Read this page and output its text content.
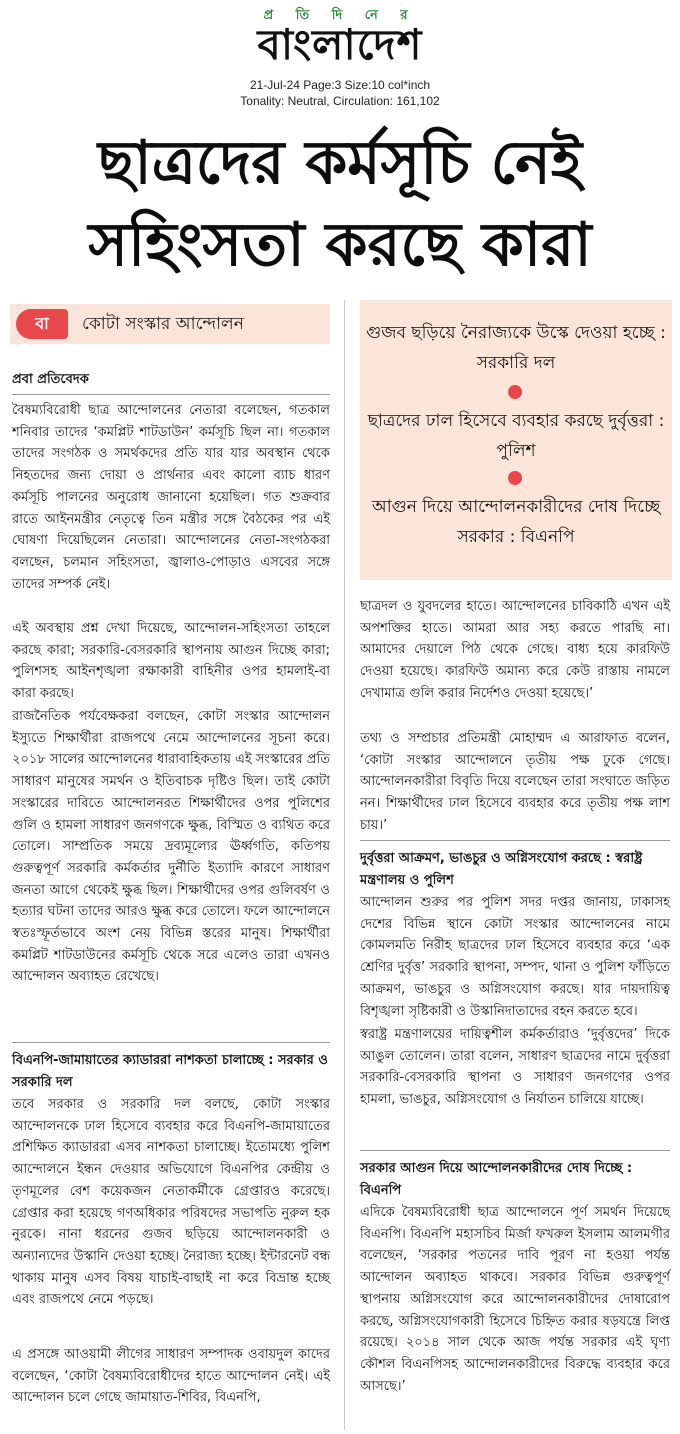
প্র তি দি নে র
বাংলাদেশ
21-Jul-24 Page:3 Size:10 col*inch
Tonality: Neutral, Circulation: 161,102
ছাত্রদের কর্মসূচি নেই
সহিংসতা করছে কারা
বা	কোটা সংস্কার আন্দোলন
প্রবা প্রতিবেদক

বৈষম্যবিরোধী ছাত্র আন্দোলনের নেতারা বলেছেন, গতকাল শনিবার তাদের ‘কমপ্লিট শাটডাউন’ কর্মসূচি ছিল না। গতকাল তাদের সংগঠক ও সমর্থকদের প্রতি যার যার অবস্থান থেকে নিহতদের জন্য দোয়া ও প্রার্থনার এবং কালো ব্যাচ ধারণ কর্মসূচি পালনের অনুরোধ জানানো হয়েছিল। গত শুক্রবার রাতে আইনমন্ত্রীর নেতৃত্বে তিন মন্ত্রীর সঙ্গে বৈঠকের পর এই ঘোষণা দিয়েছিলেন নেতারা। আন্দোলনের নেতা-সংগঠকরা বলছেন, চলমান সহিংসতা, জ্বালাও-পোড়াও এসবের সঙ্গে তাদের সম্পর্ক নেই।

এই অবস্থায় প্রশ্ন দেখা দিয়েছে, আন্দোলন-সহিংসতা তাহলে করছে কারা; সরকারি-বেসরকারি স্থাপনায় আগুন দিচ্ছে কারা; পুলিশসহ আইনশৃঙ্খলা রক্ষাকারী বাহিনীর ওপর হামলাই-বা কারা করছে।

রাজনৈতিক পর্যবেক্ষকরা বলছেন, কোটা সংস্কার আন্দোলন ইস্যুতে শিক্ষার্থীরা রাজপথে নেমে আন্দোলনের সূচনা করে। ২০১৮ সালের আন্দোলনের ধারাবাহিকতায় এই সংস্কারের প্রতি সাধারণ মানুষের সমর্থন ও ইতিবাচক দৃষ্টিও ছিল। তাই কোটা সংস্কারের দাবিতে আন্দোলনরত শিক্ষার্থীদের ওপর পুলিশের গুলি ও হামলা সাধারণ জনগণকে ক্ষুব্ধ, বিস্মিত ও ব্যথিত করে তোলে। সাম্প্রতিক সময়ে দ্রব্যমূল্যের ঊর্ধ্বগতি, কতিপয় গুরুত্বপূর্ণ সরকারি কর্মকর্তার দুর্নীতি ইত্যাদি কারণে সাধারণ জনতা আগে থেকেই ক্ষুব্ধ ছিল। শিক্ষার্থীদের ওপর গুলিবর্ষণ ও হত্যার ঘটনা তাদের আরও ক্ষুব্ধ করে তোলে। ফলে আন্দোলনে স্বতঃস্ফূর্তভাবে অংশ নেয় বিভিন্ন স্তরের মানুষ। শিক্ষার্থীরা কমপ্লিট শাটডাউনের কর্মসূচি থেকে সরে এলেও তারা এখনও আন্দোলন অব্যাহত রেখেছে।

বিএনপি-জামায়াতের ক্যাডাররা নাশকতা চালাচ্ছে : সরকার ও সরকারি দল

তবে সরকার ও সরকারি দল বলছে, কোটা সংস্কার আন্দোলনকে ঢাল হিসেবে ব্যবহার করে বিএনপি-জামায়াতের প্রশিক্ষিত ক্যাডাররা এসব নাশকতা চালাচ্ছে। ইতোমধ্যে পুলিশ আন্দোলনে ইন্ধন দেওয়ার অভিযোগে বিএনপির কেন্দ্রীয় ও তৃণমূলের বেশ কয়েকজন নেতাকর্মীকে গ্রেপ্তারও করেছে। গ্রেপ্তার করা হয়েছে গণঅধিকার পরিষদের সভাপতি নুরুল হক নুরকে। নানা ধরনের গুজব ছড়িয়ে আন্দোলনকারী ও অন্যান্যদের উস্কানি দেওয়া হচ্ছে। নৈরাজ্য হচ্ছে। ইন্টারনেট বন্ধ থাকায় মানুষ এসব বিষয় যাচাই-বাছাই না করে বিভ্রান্ত হচ্ছে এবং রাজপথে নেমে পড়ছে।

এ প্রসঙ্গে আওয়ামী লীগের সাধারণ সম্পাদক ওবায়দুল কাদের বলেছেন, ‘কোটা বৈষম্যবিরোধীদের হাতে আন্দোলন নেই। এই আন্দোলন চলে গেছে জামায়াত-শিবির, বিএনপি,

গুজব ছড়িয়ে নৈরাজ্যকে উস্কে দেওয়া হচ্ছে : সরকারি দল
ছাত্রদের ঢাল হিসেবে ব্যবহার করছে দুর্বৃত্তরা : পুলিশ
আগুন দিয়ে আন্দোলনকারীদের দোষ দিচ্ছে সরকার : বিএনপি

ছাত্রদল ও যুবদলের হাতে। আন্দোলনের চাবিকাঠি এখন এই অপশক্তির হাতে। আমরা আর সহ্য করতে পারছি না। আমাদের দেয়ালে পিঠ থেকে গেছে। বাধ্য হয়ে কারফিউ দেওয়া হয়েছে। কারফিউ অমান্য করে কেউ রাস্তায় নামলে দেখামাত্র গুলি করার নির্দেশও দেওয়া হয়েছে।’

তথ্য ও সম্প্রচার প্রতিমন্ত্রী মোহাম্মদ এ আরাফাত বলেন, ‘কোটা সংস্কার আন্দোলনে তৃতীয় পক্ষ ঢুকে গেছে। আন্দোলনকারীরা বিবৃতি দিয়ে বলেছেন তারা সংঘাতে জড়িত নন। শিক্ষার্থীদের ঢাল হিসেবে ব্যবহার করে তৃতীয় পক্ষ লাশ চায়।’

দুর্বৃত্তরা আক্রমণ, ভাঙচুর ও অগ্নিসংযোগ করছে : স্বরাষ্ট্র মন্ত্রণালয় ও পুলিশ

আন্দোলন শুরুর পর পুলিশ সদর দপ্তর জানায়, ঢাকাসহ দেশের বিভিন্ন স্থানে কোটা সংস্কার আন্দোলনের নামে কোমলমতি নিরীহ ছাত্রদের ঢাল হিসেবে ব্যবহার করে ‘এক শ্রেণির দুর্বৃত্ত’ সরকারি স্থাপনা, সম্পদ, থানা ও পুলিশ ফাঁড়িতে আক্রমণ, ভাঙচুর ও অগ্নিসংযোগ করছে। যার দায়দায়িত্ব বিশৃঙ্খলা সৃষ্টিকারী ও উস্কানিদাতাদের বহন করতে হবে।

স্বরাষ্ট্র মন্ত্রণালয়ের দায়িত্বশীল কর্মকর্তারাও ‘দুর্বৃত্তদের’ দিকে আঙুল তোলেন। তারা বলেন, সাধারণ ছাত্রদের নামে দুর্বৃত্তরা সরকারি-বেসরকারি স্থাপনা ও সাধারণ জনগণের ওপর হামলা, ভাঙচুর, অগ্নিসংযোগ ও নির্যাতন চালিয়ে যাচ্ছে।

সরকার আগুন দিয়ে আন্দোলনকারীদের দোষ দিচ্ছে : বিএনপি

এদিকে বৈষম্যবিরোধী ছাত্র আন্দোলনে পূর্ণ সমর্থন দিয়েছে বিএনপি। বিএনপি মহাসচিব মির্জা ফখরুল ইসলাম আলমগীর বলেছেন, ‘সরকার পতনের দাবি পূরণ না হওয়া পর্যন্ত আন্দোলন অব্যাহত থাকবে। সরকার বিভিন্ন গুরুত্বপূর্ণ স্থাপনায় অগ্নিসংযোগ করে আন্দোলনকারীদের দোষারোপ করছে, অগ্নিসংযোগকারী হিসেবে চিহ্নিত করার ষড়যন্ত্রে লিপ্ত রয়েছে। ২০১৪ সাল থেকে আজ পর্যন্ত সরকার এই ঘৃণ্য কৌশল বিএনপিসহ আন্দোলনকারীদের বিরুদ্ধে ব্যবহার করে আসছে।’
